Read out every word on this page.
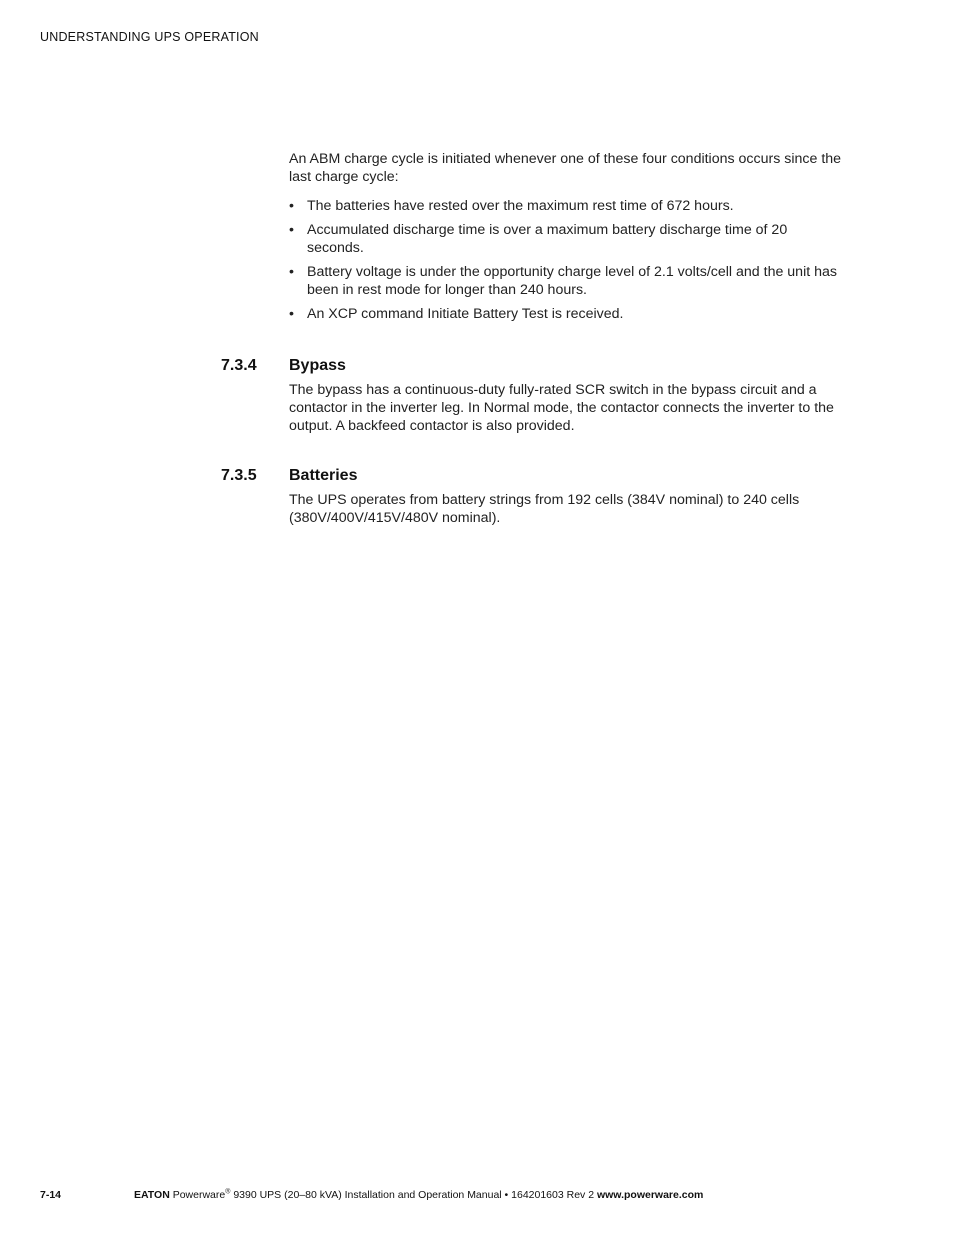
UNDERSTANDING UPS OPERATION

An ABM charge cycle is initiated whenever one of these four conditions occurs since the last charge cycle:

• The batteries have rested over the maximum rest time of 672 hours.
• Accumulated discharge time is over a maximum battery discharge time of 20 seconds.
• Battery voltage is under the opportunity charge level of 2.1 volts/cell and the unit has been in rest mode for longer than 240 hours.
• An XCP command Initiate Battery Test is received.
7.3.4 Bypass

The bypass has a continuous-duty fully-rated SCR switch in the bypass circuit and a contactor in the inverter leg. In Normal mode, the contactor connects the inverter to the output. A backfeed contactor is also provided.

7.3.5 Batteries

The UPS operates from battery strings from 192 cells (384V nominal) to 240 cells (380V/400V/415V/480V nominal).

7-14	EATON Powerware® 9390 UPS (20–80 kVA) Installation and Operation Manual • 164201603 Rev 2 www.powerware.com
